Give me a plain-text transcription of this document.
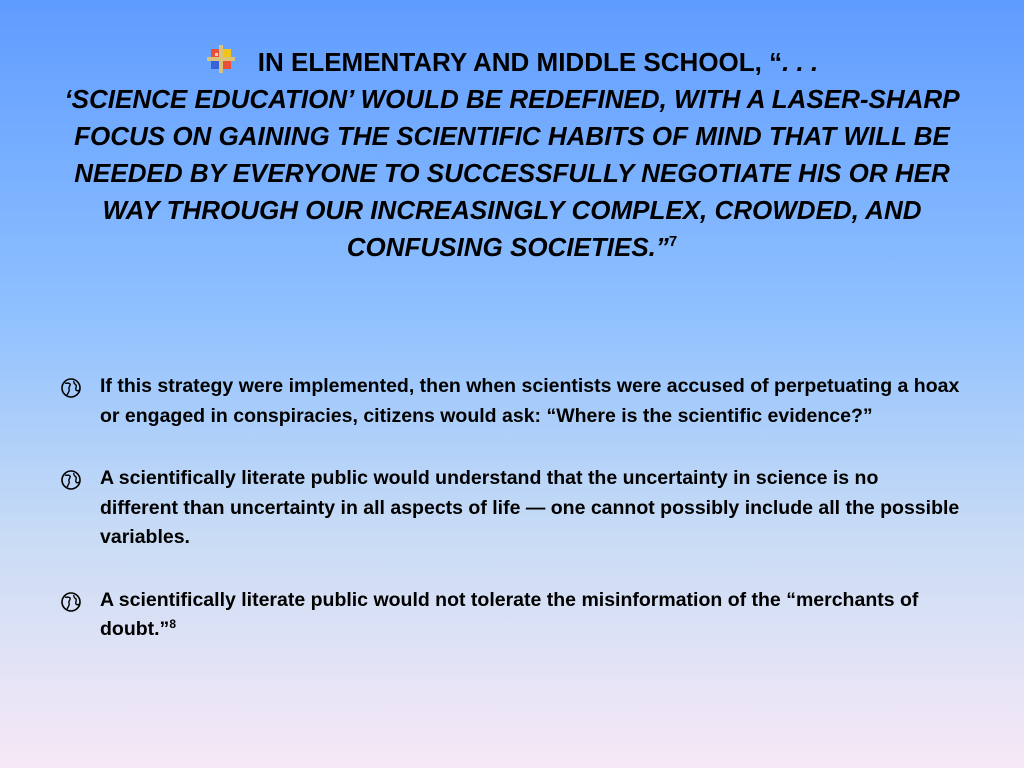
IN ELEMENTARY AND MIDDLE SCHOOL, “. . .
‘SCIENCE EDUCATION’ WOULD BE REDEFINED, WITH A LASER-SHARP FOCUS ON GAINING THE SCIENTIFIC HABITS OF MIND THAT WILL BE NEEDED BY EVERYONE TO SUCCESSFULLY NEGOTIATE HIS OR HER WAY THROUGH OUR INCREASINGLY COMPLEX, CROWDED, AND CONFUSING SOCIETIES.”$^7$
If this strategy were implemented, then when scientists were accused of perpetuating a hoax or engaged in conspiracies, citizens would ask: “Where is the scientific evidence?”
A scientifically literate public would understand that the uncertainty in science is no different than uncertainty in all aspects of life — one cannot possibly include all the possible variables.
A scientifically literate public would not tolerate the misinformation of the “merchants of doubt.”$^8$
